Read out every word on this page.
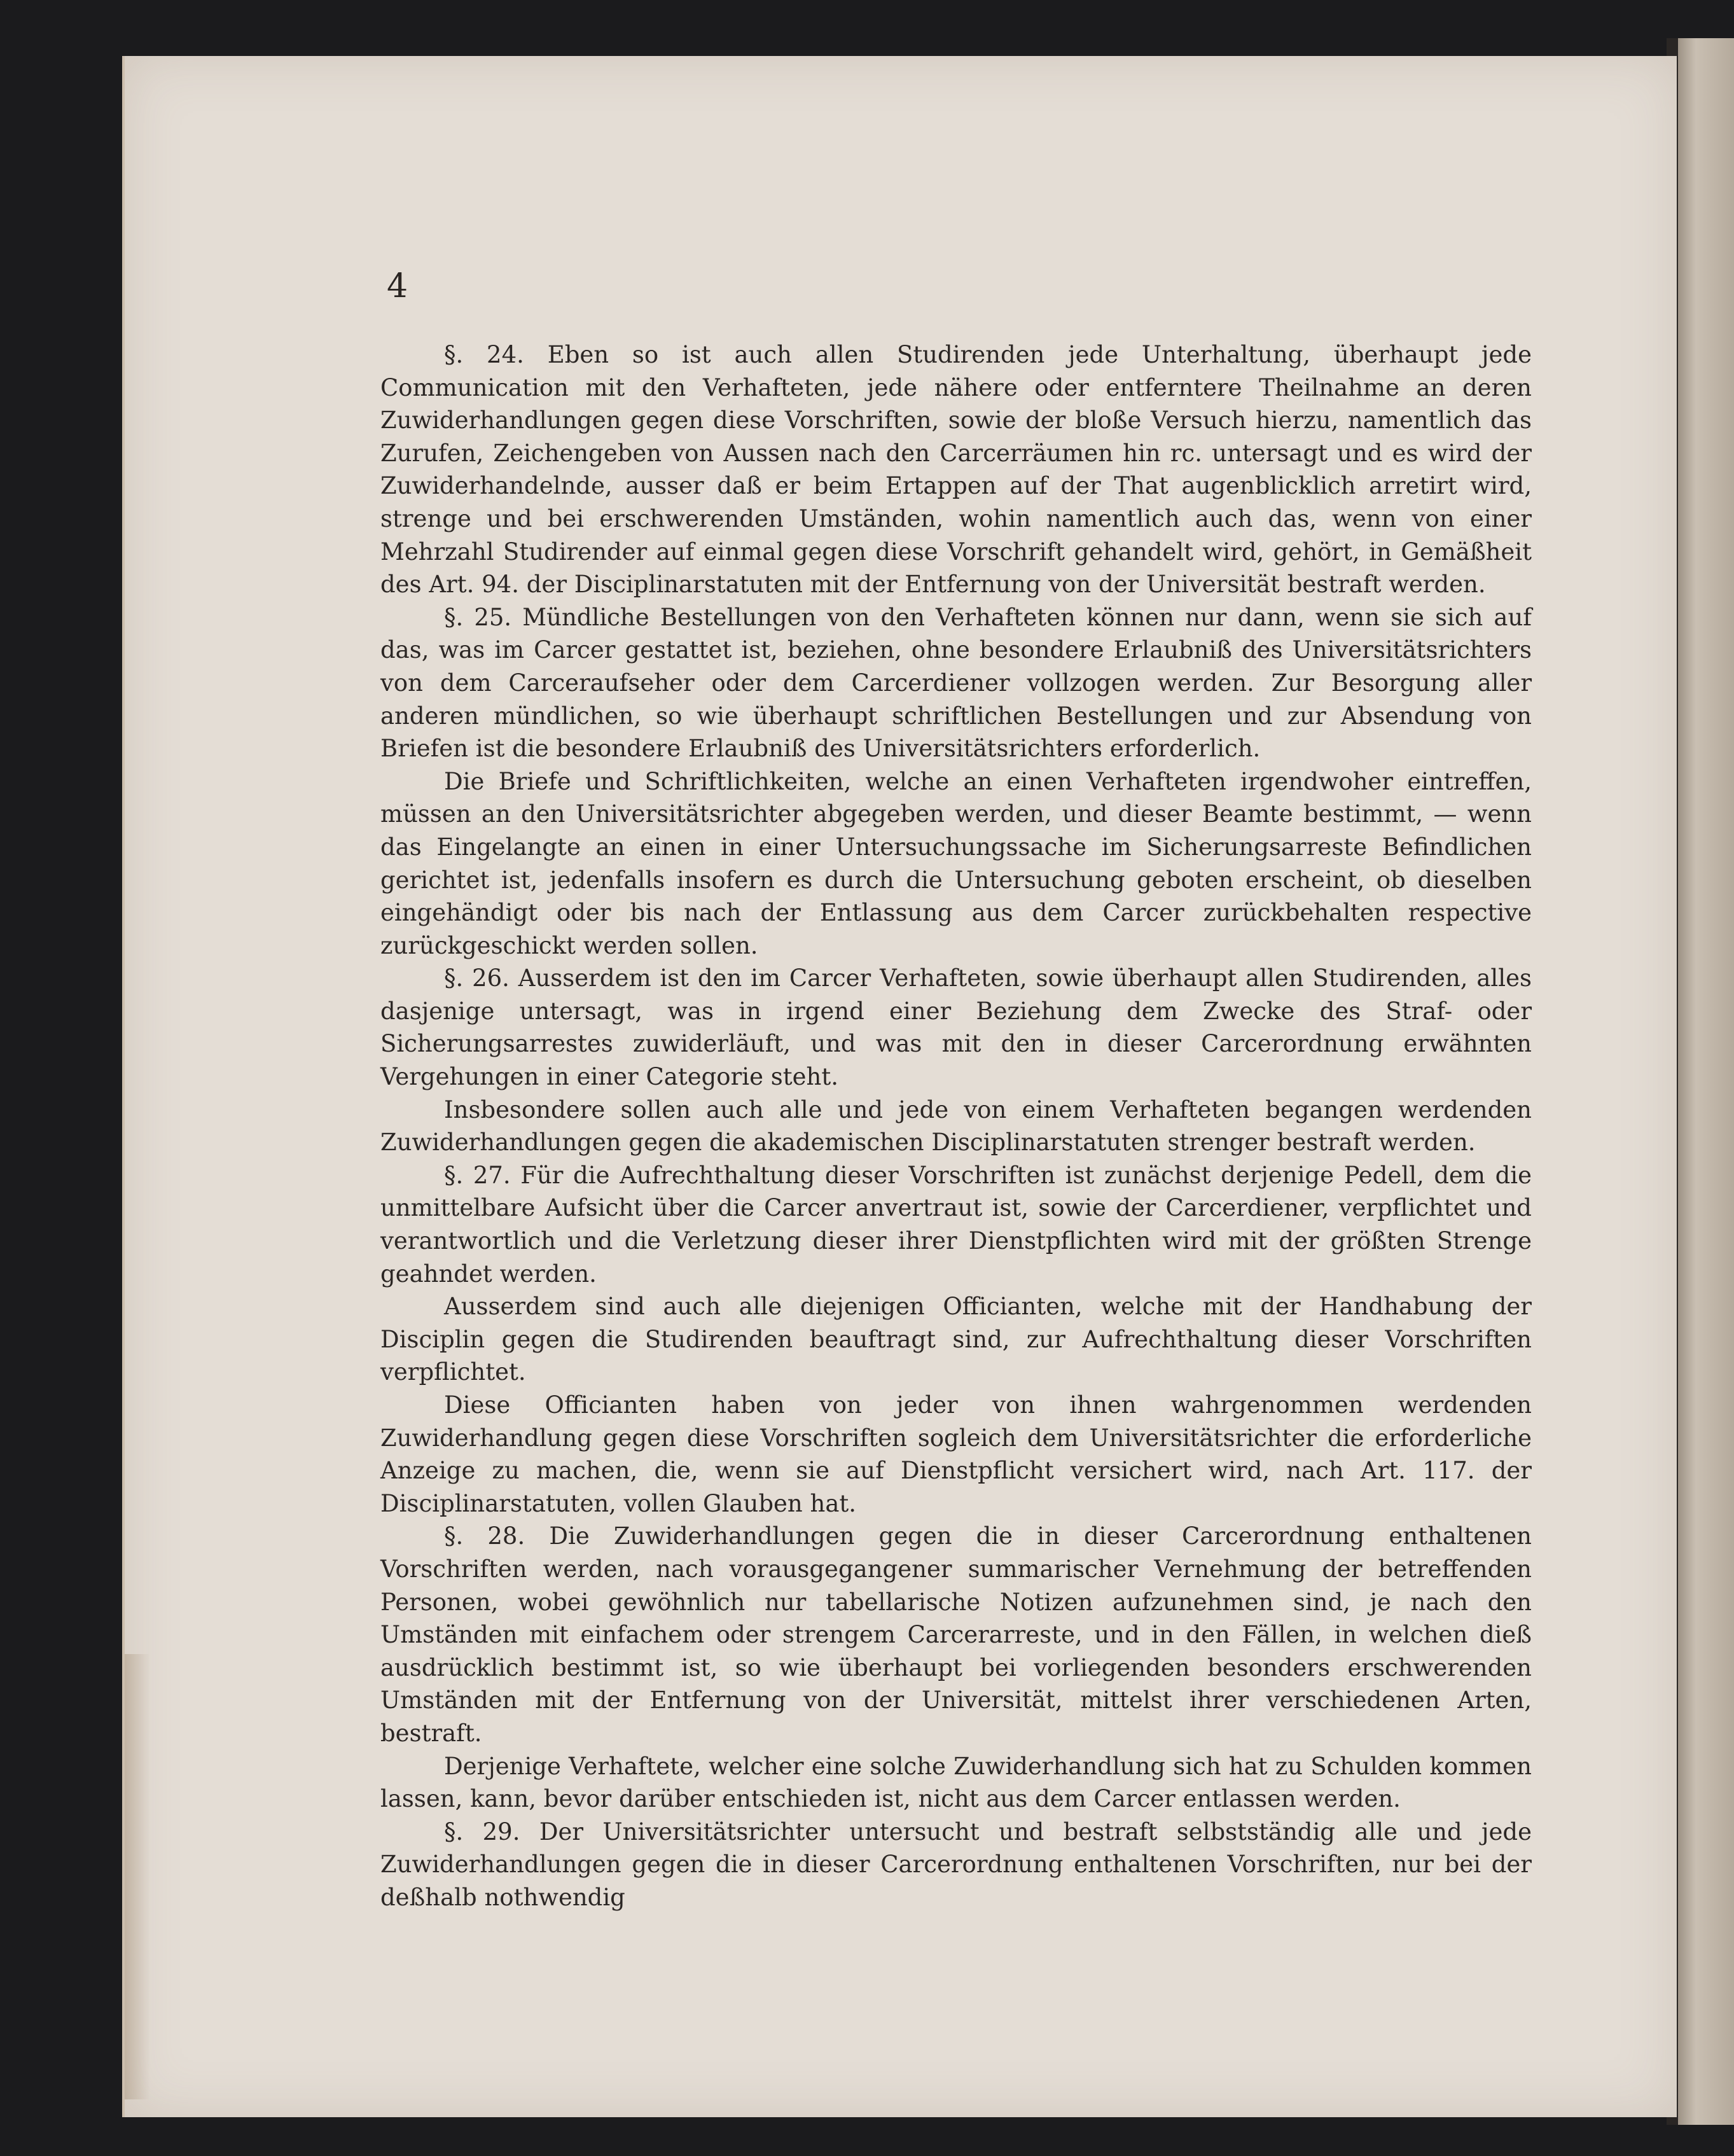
4

§. 24. Eben so ist auch allen Studirenden jede Unterhaltung, überhaupt jede Communication mit den Verhafteten, jede nähere oder entferntere Theilnahme an deren Zuwiderhandlungen gegen diese Vorschriften, sowie der bloße Versuch hierzu, namentlich das Zurufen, Zeichengeben von Aussen nach den Carcerräumen hin rc. untersagt und es wird der Zuwiderhandelnde, ausser daß er beim Ertappen auf der That augenblicklich arretirt wird, strenge und bei erschwerenden Umständen, wohin namentlich auch das, wenn von einer Mehrzahl Studirender auf einmal gegen diese Vorschrift gehandelt wird, gehört, in Gemäßheit des Art. 94. der Disciplinarstatuten mit der Entfernung von der Universität bestraft werden.

§. 25. Mündliche Bestellungen von den Verhafteten können nur dann, wenn sie sich auf das, was im Carcer gestattet ist, beziehen, ohne besondere Erlaubniß des Universitätsrichters von dem Carceraufseher oder dem Carcerdiener vollzogen werden. Zur Besorgung aller anderen mündlichen, so wie überhaupt schriftlichen Bestellungen und zur Absendung von Briefen ist die besondere Erlaubniß des Universitätsrichters erforderlich.

Die Briefe und Schriftlichkeiten, welche an einen Verhafteten irgendwoher eintreffen, müssen an den Universitätsrichter abgegeben werden, und dieser Beamte bestimmt, — wenn das Eingelangte an einen in einer Untersuchungssache im Sicherungsarreste Befindlichen gerichtet ist, jedenfalls insofern es durch die Untersuchung geboten erscheint, ob dieselben eingehändigt oder bis nach der Entlassung aus dem Carcer zurückbehalten respective zurückgeschickt werden sollen.

§. 26. Ausserdem ist den im Carcer Verhafteten, sowie überhaupt allen Studirenden, alles dasjenige untersagt, was in irgend einer Beziehung dem Zwecke des Straf- oder Sicherungsarrestes zuwiderläuft, und was mit den in dieser Carcerordnung erwähnten Vergehungen in einer Categorie steht.

Insbesondere sollen auch alle und jede von einem Verhafteten begangen werdenden Zuwiderhandlungen gegen die akademischen Disciplinarstatuten strenger bestraft werden.

§. 27. Für die Aufrechthaltung dieser Vorschriften ist zunächst derjenige Pedell, dem die unmittelbare Aufsicht über die Carcer anvertraut ist, sowie der Carcerdiener, verpflichtet und verantwortlich und die Verletzung dieser ihrer Dienstpflichten wird mit der größten Strenge geahndet werden.

Ausserdem sind auch alle diejenigen Officianten, welche mit der Handhabung der Disciplin gegen die Studirenden beauftragt sind, zur Aufrechthaltung dieser Vorschriften verpflichtet.

Diese Officianten haben von jeder von ihnen wahrgenommen werdenden Zuwiderhandlung gegen diese Vorschriften sogleich dem Universitätsrichter die erforderliche Anzeige zu machen, die, wenn sie auf Dienstpflicht versichert wird, nach Art. 117. der Disciplinarstatuten, vollen Glauben hat.

§. 28. Die Zuwiderhandlungen gegen die in dieser Carcerordnung enthaltenen Vorschriften werden, nach vorausgegangener summarischer Vernehmung der betreffenden Personen, wobei gewöhnlich nur tabellarische Notizen aufzunehmen sind, je nach den Umständen mit einfachem oder strengem Carcerarreste, und in den Fällen, in welchen dieß ausdrücklich bestimmt ist, so wie überhaupt bei vorliegenden besonders erschwerenden Umständen mit der Entfernung von der Universität, mittelst ihrer verschiedenen Arten, bestraft.

Derjenige Verhaftete, welcher eine solche Zuwiderhandlung sich hat zu Schulden kommen lassen, kann, bevor darüber entschieden ist, nicht aus dem Carcer entlassen werden.

§. 29. Der Universitätsrichter untersucht und bestraft selbstständig alle und jede Zuwiderhandlungen gegen die in dieser Carcerordnung enthaltenen Vorschriften, nur bei der deßhalb nothwendig
